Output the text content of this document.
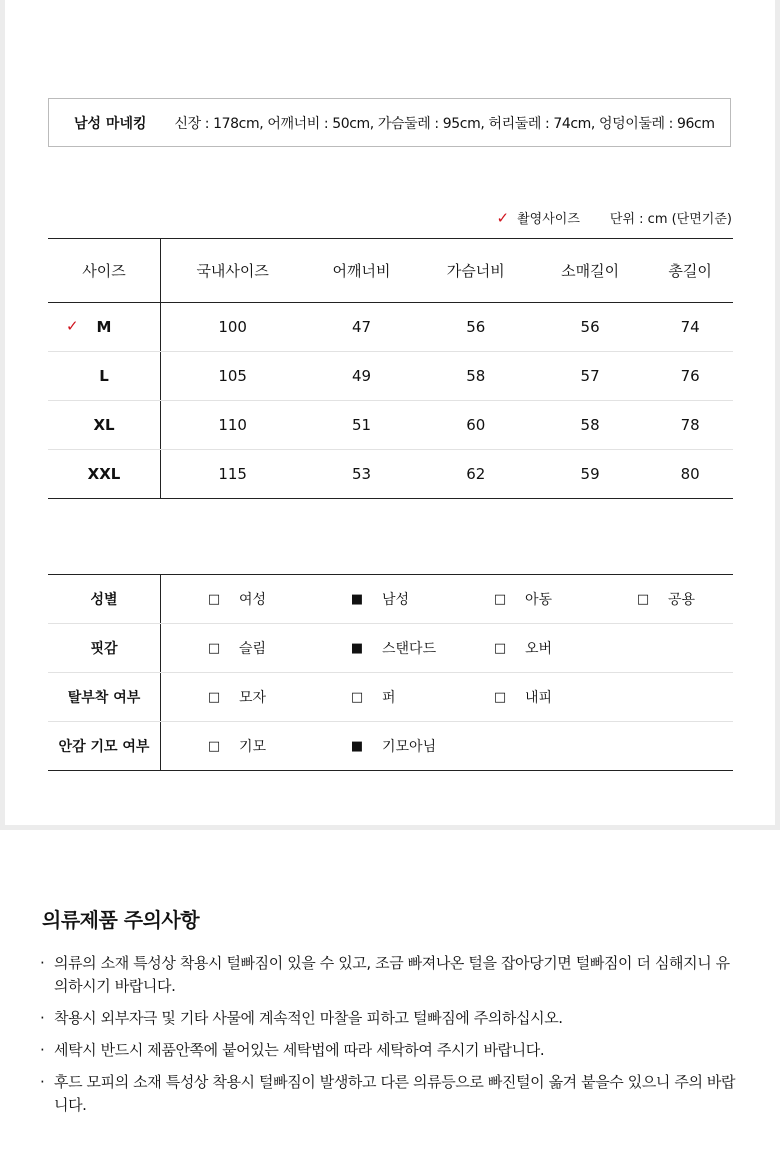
남성 마네킹 신장 : 178cm, 어깨너비 : 50cm, 가슴둘레 : 95cm, 허리둘레 : 74cm, 엉덩이둘레 : 96cm
✓ 촬영사이즈 단위 : cm (단면기준)
사이즈	국내사이즈	어깨너비	가슴너비	소매길이	총길이

✓ M	100	47	56	56	74

L	105	49	58	57	76

XL	110	51	60	58	78

XXL	115	53	62	59	80
성별	□ 여성	■ 남성	□ 아동	□ 공용

핏감	□ 슬림	■ 스탠다드	□ 오버	

탈부착 여부	□ 모자	□ 퍼	□ 내피	

안감 기모 여부	□ 기모	■ 기모아님		

의류제품 주의사항
· 의류의 소재 특성상 착용시 털빠짐이 있을 수 있고, 조금 빠져나온 털을 잡아당기면 털빠짐이 더 심해지니 유의하시기 바랍니다.
· 착용시 외부자극 및 기타 사물에 계속적인 마찰을 피하고 털빠짐에 주의하십시오.
· 세탁시 반드시 제품안쪽에 붙어있는 세탁법에 따라 세탁하여 주시기 바랍니다.
· 후드 모피의 소재 특성상 착용시 털빠짐이 발생하고 다른 의류등으로 빠진털이 옮겨 붙을수 있으니 주의 바랍니다.
